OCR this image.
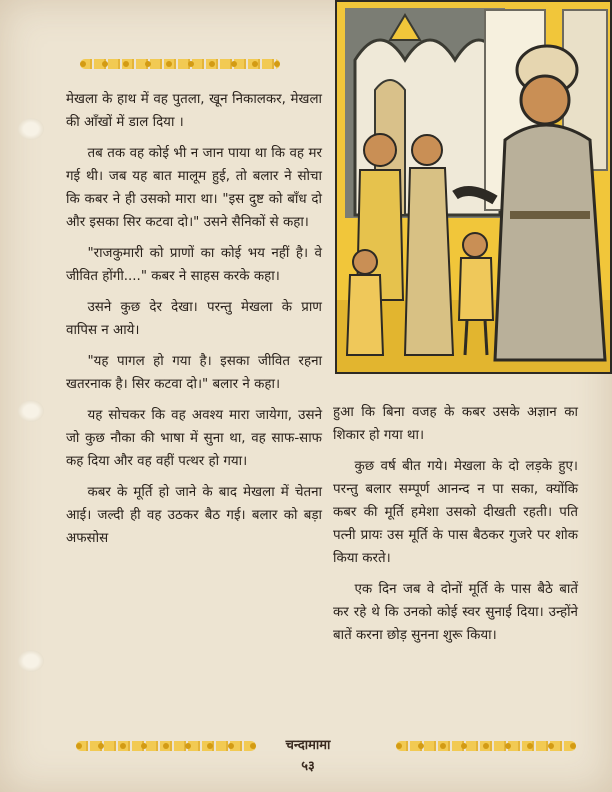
मेखला के हाथ में वह पुतला, खून निकालकर, मेखला की आँखों में डाल दिया ।

तब तक वह कोई भी न जान पाया था कि वह मर गई थी। जब यह बात मालूम हुई, तो बलार ने सोचा कि कबर ने ही उसको मारा था। "इस दुष्ट को बाँध दो और इसका सिर कटवा दो।" उसने सैनिकों से कहा।

"राजकुमारी को प्राणों का कोई भय नहीं है। वे जीवित होंगी...." कबर ने साहस करके कहा।

उसने कुछ देर देखा। परन्तु मेखला के प्राण वापिस न आये।

"यह पागल हो गया है। इसका जीवित रहना खतरनाक है। सिर कटवा दो।" बलार ने कहा।

यह सोचकर कि वह अवश्य मारा जायेगा, उसने जो कुछ नौका की भाषा में सुना था, वह साफ-साफ कह दिया और वह वहीं पत्थर हो गया।

कबर के मूर्ति हो जाने के बाद मेखला में चेतना आई। जल्दी ही वह उठकर बैठ गई। बलार को बड़ा अफसोस

हुआ कि बिना वजह के कबर उसके अज्ञान का शिकार हो गया था।

कुछ वर्ष बीत गये। मेखला के दो लड़के हुए। परन्तु बलार सम्पूर्ण आनन्द न पा सका, क्योंकि कबर की मूर्ति हमेशा उसको दीखती रहती। पति पत्नी प्रायः उस मूर्ति के पास बैठकर गुजरे पर शोक किया करते।

एक दिन जब वे दोनों मूर्ति के पास बैठे बातें कर रहे थे कि उनको कोई स्वर सुनाई दिया। उन्होंने बातें करना छोड़ सुनना शुरू किया।

चन्दामामा
५३
